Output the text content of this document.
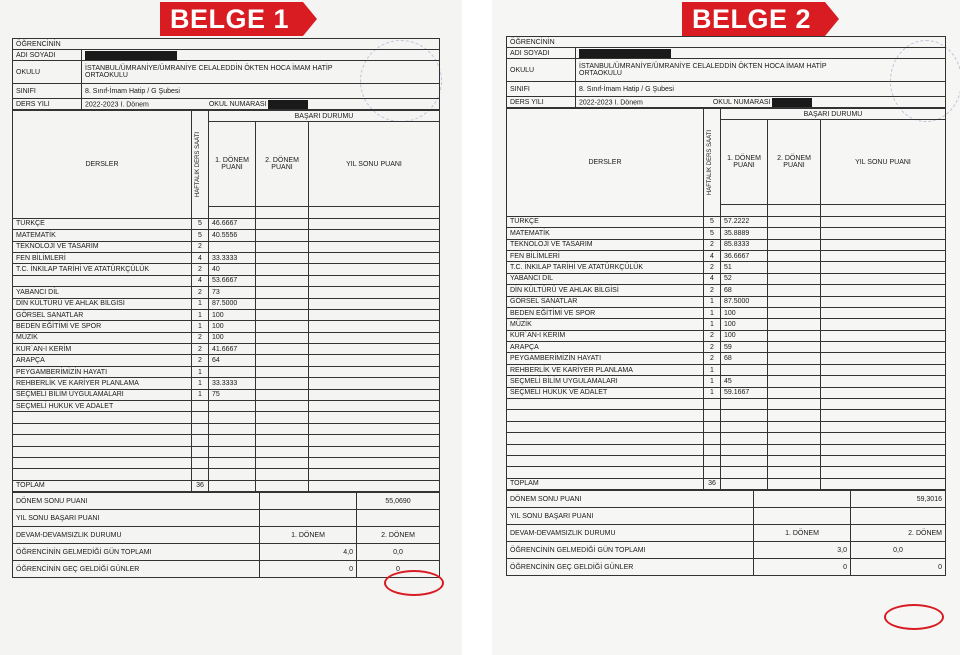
BELGE 1	BELGE 2
ÖĞRENCİNİN	
ADI SOYADI	
OKULU	İSTANBUL/ÜMRANİYE/ÜMRANİYE CELALEDDİN ÖKTEN HOCA İMAM HATİP
ORTAOKULU

SINIFI	8. Sınıf-İmam Hatip / G Şubesi
DERS YILI	2022-2023 I. Dönem OKUL NUMARASI
DERSLER	HAFTALIK DERS SAATİ	BAŞARI DURUMU		
		1. DÖNEM PUANI	2. DÖNEM PUANI	YIL SONU PUANI

TÜRKÇE	5	46.6667		
MATEMATİK	5	40.5556		
TEKNOLOJİ VE TASARIM	2			
FEN BİLİMLERİ	4	33.3333		
T.C. İNKILAP TARİHİ VE ATATÜRKÇÜLÜK	2	40		
	4	53.6667		
YABANCI DİL	2	73		
DİN KÜLTÜRÜ VE AHLAK BİLGİSİ	1	87.5000		
GÖRSEL SANATLAR	1	100		
BEDEN EĞİTİMİ VE SPOR	1	100		
MÜZİK	2	100		
KUR`AN-I KERİM	2	41.6667		
ARAPÇA	2	64		
PEYGAMBERİMİZİN HAYATI	1			
REHBERLİK VE KARİYER PLANLAMA	1	33.3333		
SEÇMELİ BİLİM UYGULAMALARI	1	75		
SEÇMELİ HUKUK VE ADALET				

TOPLAM	36			
DÖNEM SONU PUANI		55,0690
YIL SONU BAŞARI PUANI		
DEVAM-DEVAMSIZLIK DURUMU	1. DÖNEM	2. DÖNEM
ÖĞRENCİNİN GELMEDİĞİ GÜN TOPLAMI	4,0	0,0
ÖĞRENCİNİN GEÇ GELDİĞİ GÜNLER	0	0
ÖĞRENCİNİN	
ADI SOYADI	
OKULU	İSTANBUL/ÜMRANİYE/ÜMRANİYE CELALEDDİN ÖKTEN HOCA İMAM HATİP
ORTAOKULU

SINIFI	8. Sınıf-İmam Hatip / G Şubesi
DERS YILI	2022-2023 I. Dönem OKUL NUMARASI
DERSLER	HAFTALIK DERS SAATİ	BAŞARI DURUMU		
		1. DÖNEM PUANI	2. DÖNEM PUANI	YIL SONU PUANI

TÜRKÇE	5	57.2222		
MATEMATİK	5	35.8889		
TEKNOLOJİ VE TASARIM	2	85.8333		
FEN BİLİMLERİ	4	36.6667		
T.C. İNKILAP TARİHİ VE ATATÜRKÇÜLÜK	2	51		
YABANCI DİL	4	52		
DİN KÜLTÜRÜ VE AHLAK BİLGİSİ	2	68		
GÖRSEL SANATLAR	1	87.5000		
BEDEN EĞİTİMİ VE SPOR	1	100		
MÜZİK	1	100		
KUR`AN-I KERİM	2	100		
ARAPÇA	2	59		
PEYGAMBERİMİZİN HAYATI	2	68		
REHBERLİK VE KARİYER PLANLAMA	1			
SEÇMELİ BİLİM UYGULAMALARI	1	45		
SEÇMELİ HUKUK VE ADALET	1	59.1667		

TOPLAM	36			
DÖNEM SONU PUANI		59,3016
YIL SONU BAŞARI PUANI		
DEVAM-DEVAMSIZLIK DURUMU	1. DÖNEM	2. DÖNEM
ÖĞRENCİNİN GELMEDİĞİ GÜN TOPLAMI	3,0	0,0
ÖĞRENCİNİN GEÇ GELDİĞİ GÜNLER	0	0
